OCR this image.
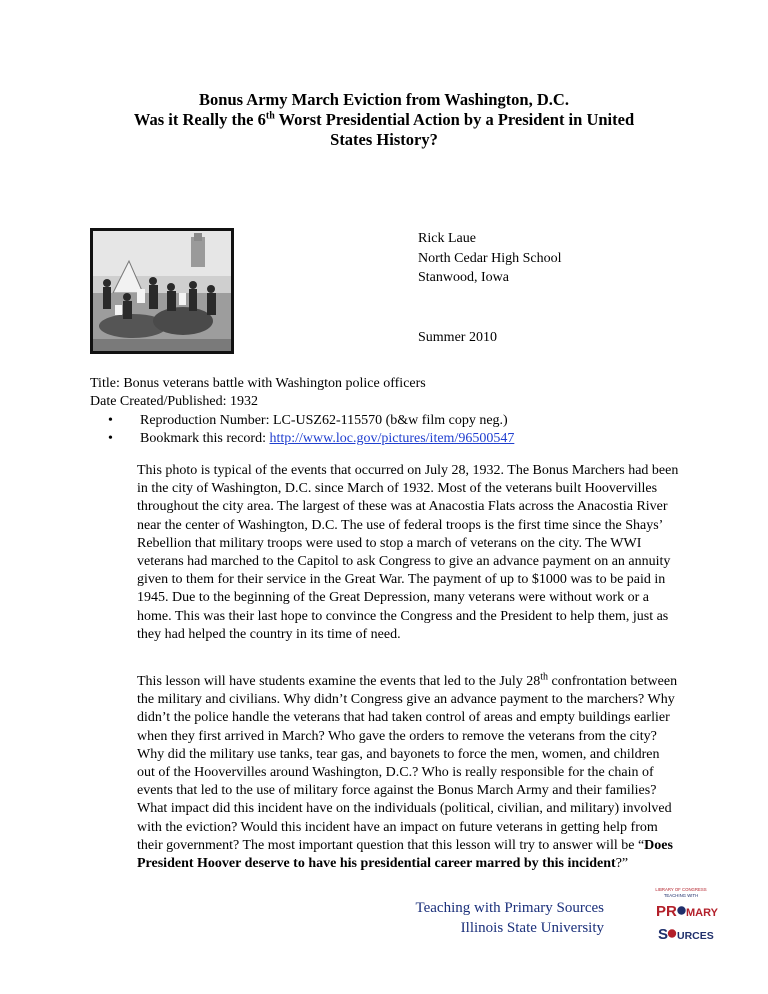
Bonus Army March Eviction from Washington, D.C.
Was it Really the 6th Worst Presidential Action by a President in United
States History?
Rick Laue
North Cedar High School
Stanwood, Iowa
Summer 2010
Title: Bonus veterans battle with Washington police officers
Date Created/Published: 1932
• Reproduction Number: LC-USZ62-115570 (b&w film copy neg.)
• Bookmark this record: http://www.loc.gov/pictures/item/96500547

This photo is typical of the events that occurred on July 28, 1932. The Bonus Marchers had been in the city of Washington, D.C. since March of 1932. Most of the veterans built Hoovervilles throughout the city area. The largest of these was at Anacostia Flats across the Anacostia River near the center of Washington, D.C. The use of federal troops is the first time since the Shays’ Rebellion that military troops were used to stop a march of veterans on the city. The WWI veterans had marched to the Capitol to ask Congress to give an advance payment on an annuity given to them for their service in the Great War. The payment of up to $1000 was to be paid in 1945. Due to the beginning of the Great Depression, many veterans were without work or a home. This was their last hope to convince the Congress and the President to help them, just as they had helped the country in its time of need.

This lesson will have students examine the events that led to the July 28th confrontation between the military and civilians. Why didn’t Congress give an advance payment to the marchers? Why didn’t the police handle the veterans that had taken control of areas and empty buildings earlier when they first arrived in March? Who gave the orders to remove the veterans from the city? Why did the military use tanks, tear gas, and bayonets to force the men, women, and children out of the Hoovervilles around Washington, D.C.? Who is really responsible for the chain of events that led to the use of military force against the Bonus March Army and their families? What impact did this incident have on the individuals (political, civilian, and military) involved with the eviction? Would this incident have an impact on future veterans in getting help from their government? The most important question that this lesson will try to answer will be “Does President Hoover deserve to have his presidential career marred by this incident?”

Teaching with Primary Sources
Illinois State University
LIBRARY OF CONGRESS
TEACHING WITH
PR MARY
S URCES
